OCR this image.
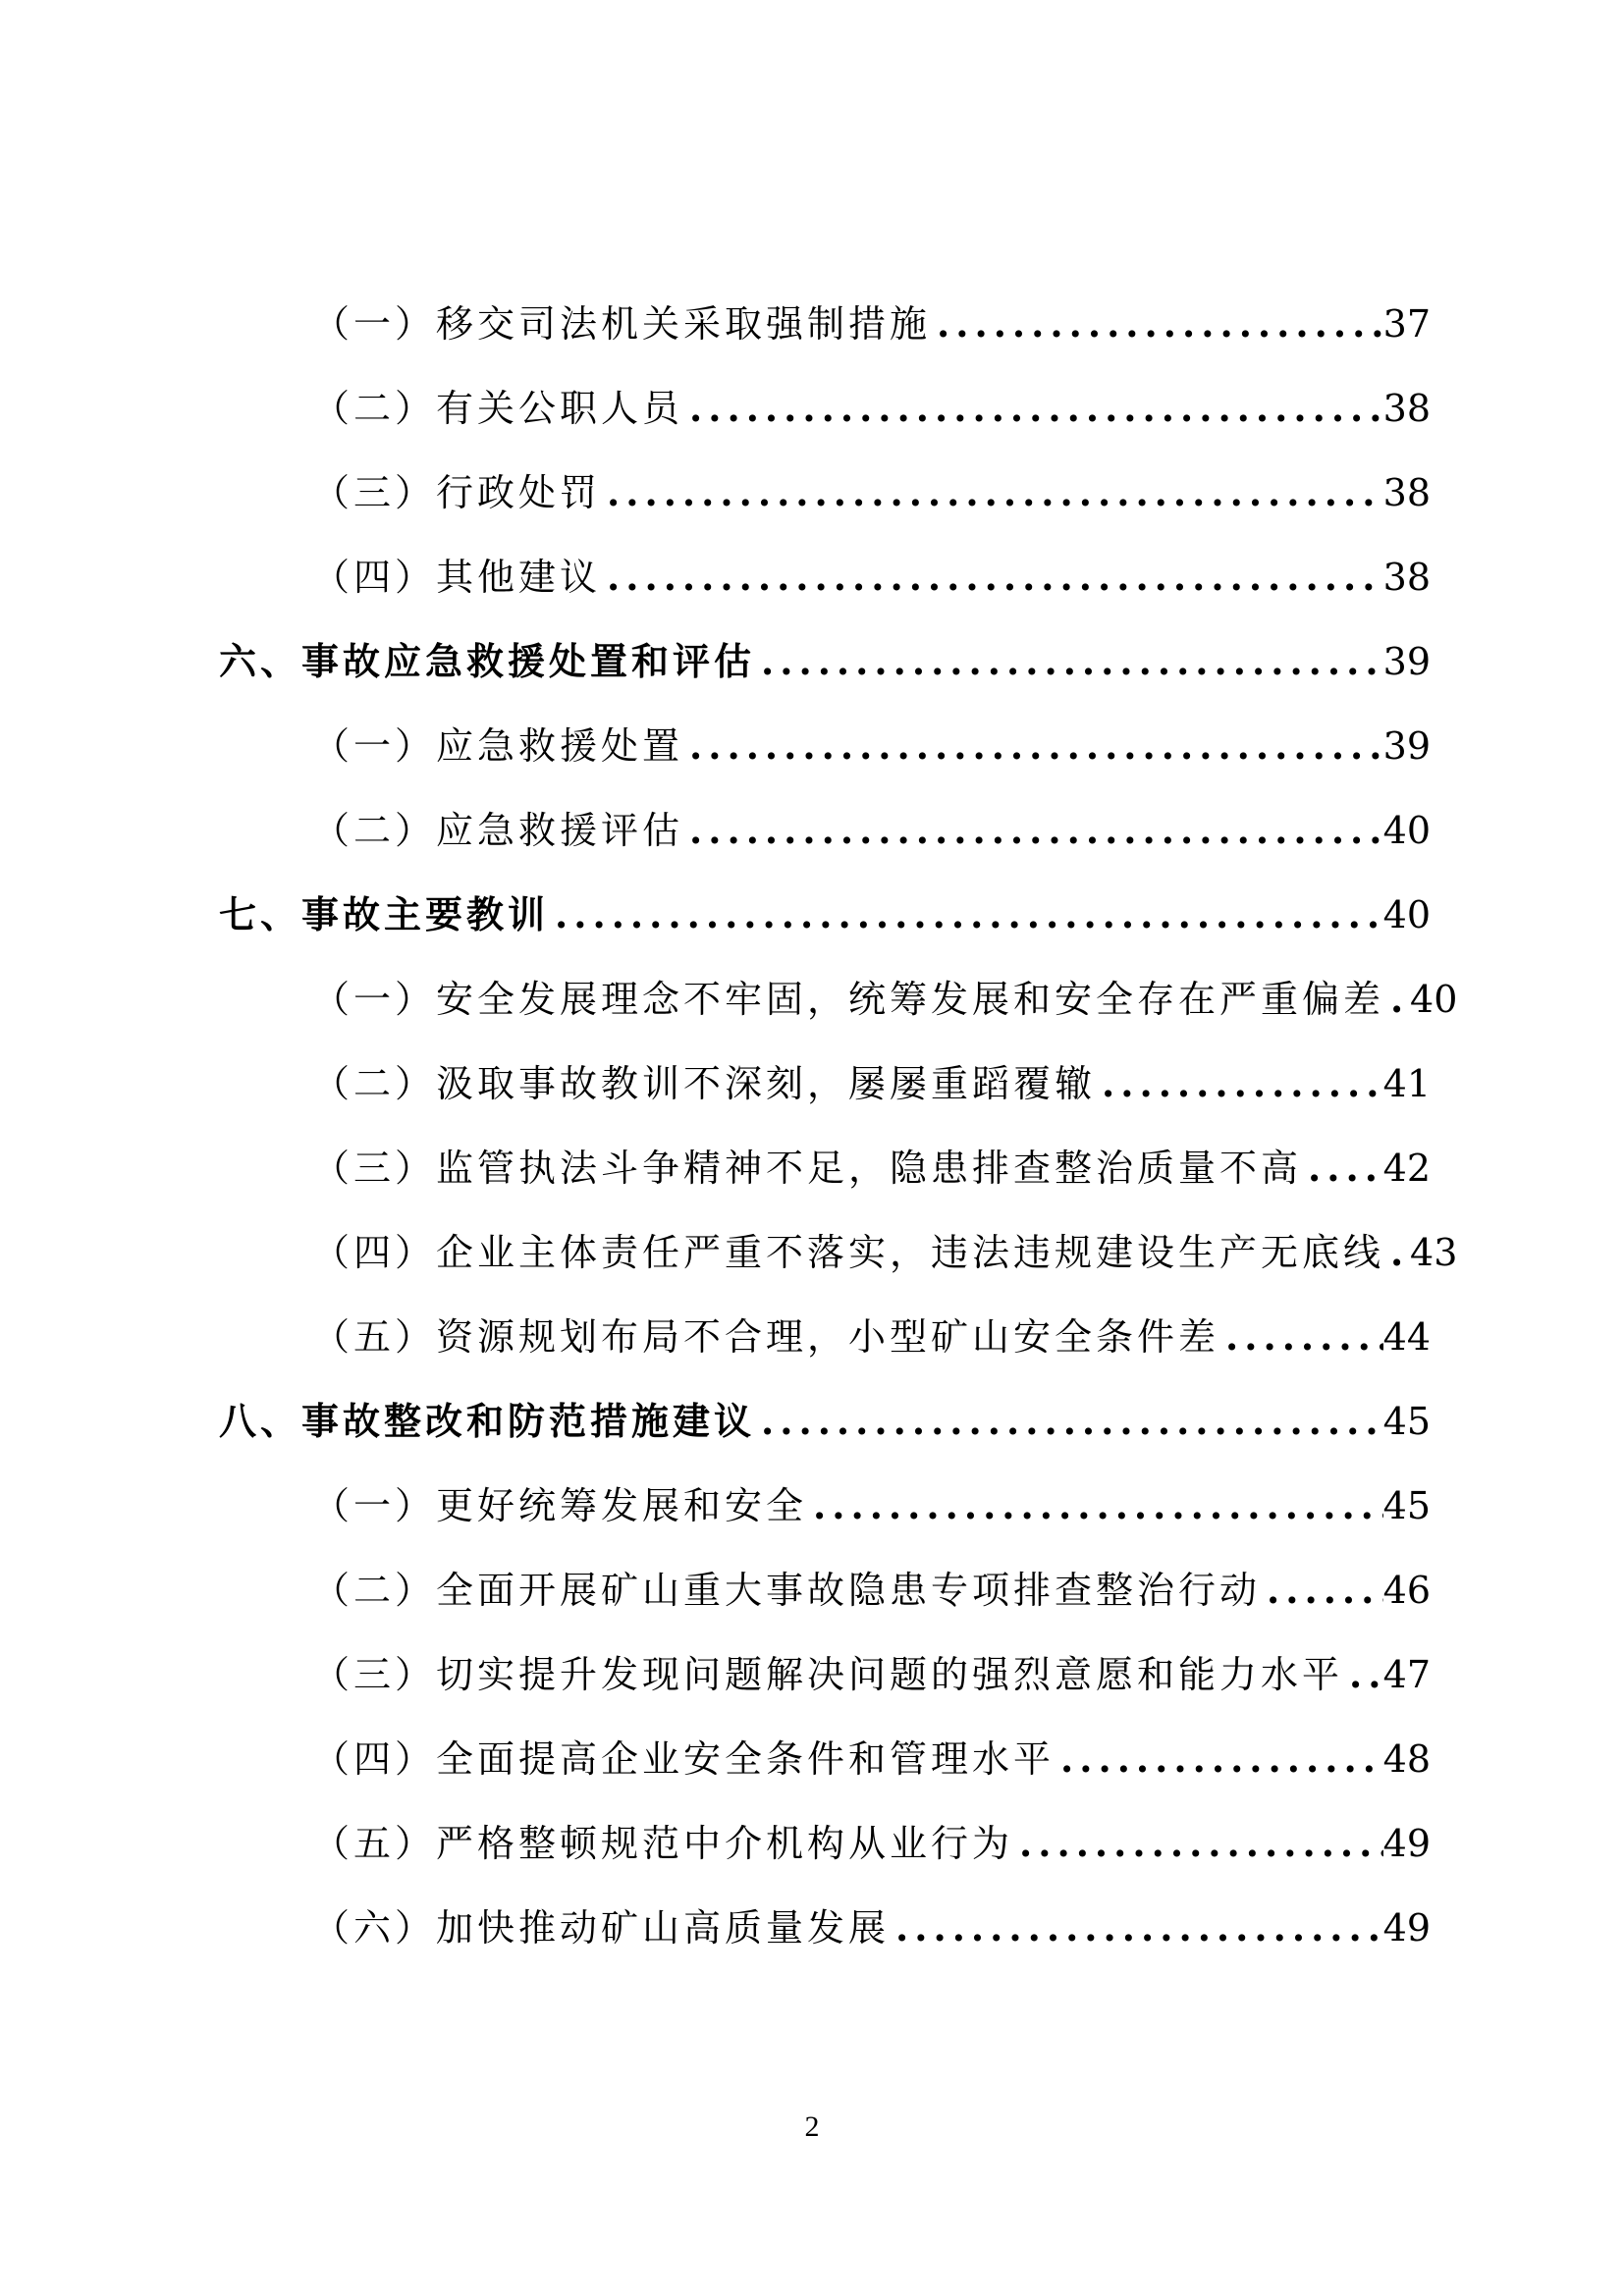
（一）移交司法机关采取强制措施 .....	37
（二）有关公职人员 .....	38
（三）行政处罚 .....	38
（四）其他建议 .....	38
六、事故应急救援处置和评估 .....	39
（一）应急救援处置 .....	39
（二）应急救援评估 .....	40
七、事故主要教训 .....	40
（一）安全发展理念不牢固，统筹发展和安全存在严重偏差 ..... 40
（二）汲取事故教训不深刻，屡屡重蹈覆辙 .....	41
（三）监管执法斗争精神不足，隐患排查整治质量不高 ..... 42
（四）企业主体责任严重不落实，违法违规建设生产无底线 ..... 43
（五）资源规划布局不合理，小型矿山安全条件差 .....	44
八、事故整改和防范措施建议 .....	45
（一）更好统筹发展和安全 .....	45
（二）全面开展矿山重大事故隐患专项排查整治行动 .....	46
（三）切实提升发现问题解决问题的强烈意愿和能力水平 ..... 47
（四）全面提高企业安全条件和管理水平 .....	48
（五）严格整顿规范中介机构从业行为 .....	49
（六）加快推动矿山高质量发展 .....	49
2
